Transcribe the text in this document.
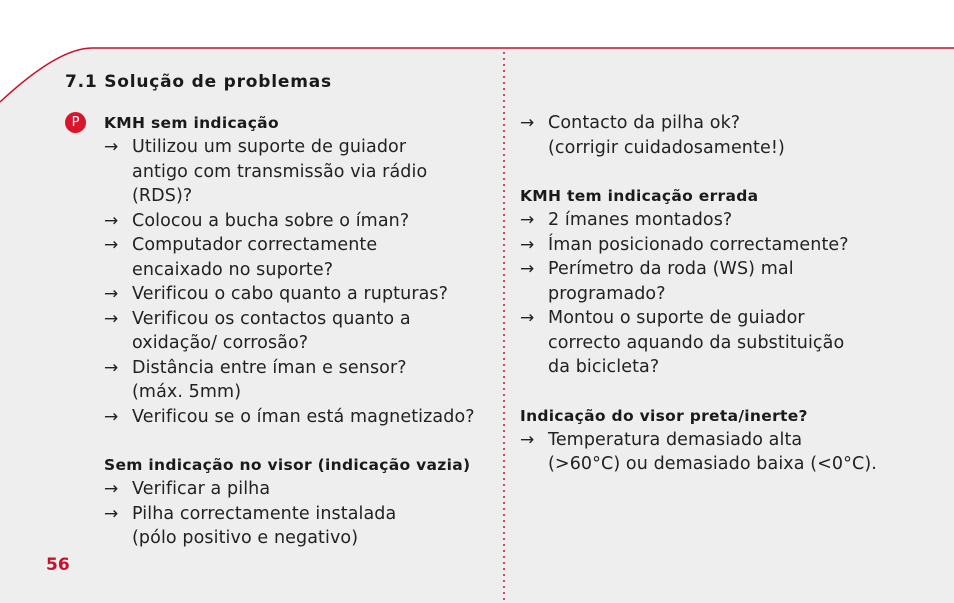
7.1 Solução de problemas
P	KMH sem indicação
→ Utilizou um suporte de guiador
antigo com transmissão via rádio
(RDS)?
→ Colocou a bucha sobre o íman?
→ Computador correctamente
encaixado no suporte?
→ Verificou o cabo quanto a rupturas?
→ Verificou os contactos quanto a
oxidação/ corrosão?
→ Distância entre íman e sensor?
(máx. 5mm)
→ Verificou se o íman está magnetizado?
Sem indicação no visor (indicação vazia)
→ Verificar a pilha
→ Pilha correctamente instalada
(pólo positivo e negativo)
→ Contacto da pilha ok?
(corrigir cuidadosamente!)
KMH tem indicação errada
→ 2 ímanes montados?
→ Íman posicionado correctamente?
→ Perímetro da roda (WS) mal
programado?
→ Montou o suporte de guiador
correcto aquando da substituição
da bicicleta?
Indicação do visor preta/inerte?
→ Temperatura demasiado alta
(>60°C) ou demasiado baixa (<0°C).
56
